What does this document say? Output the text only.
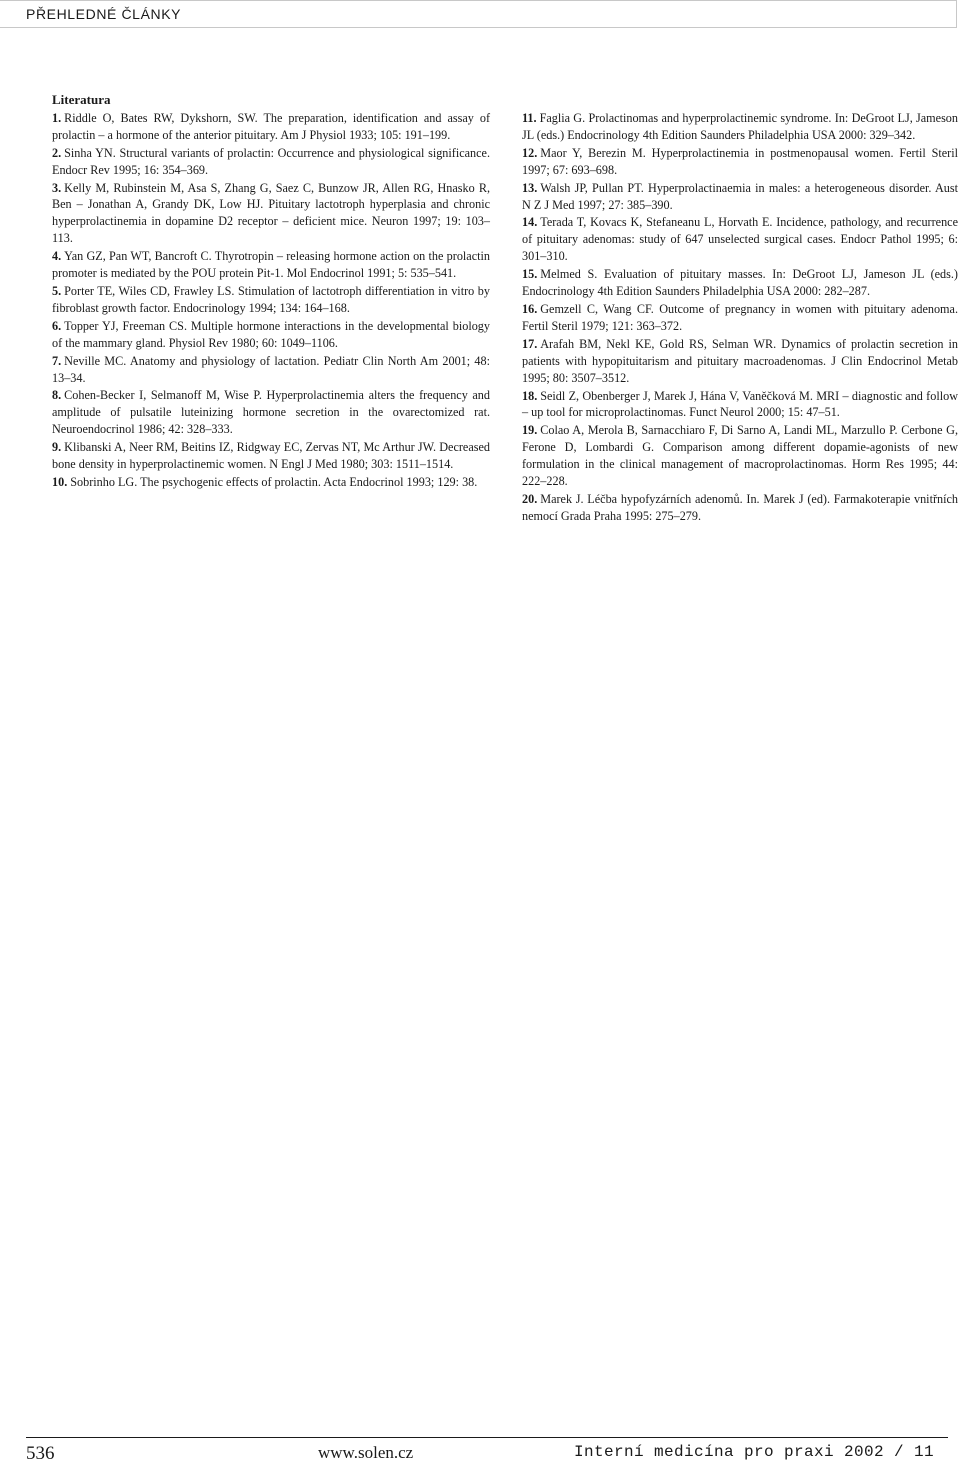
PŘEHLEDNÉ ČLÁNKY
Literatura
1. Riddle O, Bates RW, Dykshorn, SW. The preparation, identification and assay of prolactin – a hormone of the anterior pituitary. Am J Physiol 1933; 105: 191–199.
2. Sinha YN. Structural variants of prolactin: Occurrence and physiological significance. Endocr Rev 1995; 16: 354–369.
3. Kelly M, Rubinstein M, Asa S, Zhang G, Saez C, Bunzow JR, Allen RG, Hnasko R, Ben – Jonathan A, Grandy DK, Low HJ. Pituitary lactotroph hyperplasia and chronic hyperprolactinemia in dopamine D2 receptor – deficient mice. Neuron 1997; 19: 103–113.
4. Yan GZ, Pan WT, Bancroft C. Thyrotropin – releasing hormone action on the prolactin promoter is mediated by the POU protein Pit-1. Mol Endocrinol 1991; 5: 535–541.
5. Porter TE, Wiles CD, Frawley LS. Stimulation of lactotroph differentiation in vitro by fibroblast growth factor. Endocrinology 1994; 134: 164–168.
6. Topper YJ, Freeman CS. Multiple hormone interactions in the developmental biology of the mammary gland. Physiol Rev 1980; 60: 1049–1106.
7. Neville MC. Anatomy and physiology of lactation. Pediatr Clin North Am 2001; 48: 13–34.
8. Cohen-Becker I, Selmanoff M, Wise P. Hyperprolactinemia alters the frequency and amplitude of pulsatile luteinizing hormone secretion in the ovarectomized rat. Neuroendocrinol 1986; 42: 328–333.
9. Klibanski A, Neer RM, Beitins IZ, Ridgway EC, Zervas NT, Mc Arthur JW. Decreased bone density in hyperprolactinemic women. N Engl J Med 1980; 303: 1511–1514.
10. Sobrinho LG. The psychogenic effects of prolactin. Acta Endocrinol 1993; 129: 38.
11. Faglia G. Prolactinomas and hyperprolactinemic syndrome. In: DeGroot LJ, Jameson JL (eds.) Endocrinology 4th Edition Saunders Philadelphia USA 2000: 329–342.
12. Maor Y, Berezin M. Hyperprolactinemia in postmenopausal women. Fertil Steril 1997; 67: 693–698.
13. Walsh JP, Pullan PT. Hyperprolactinaemia in males: a heterogeneous disorder. Aust N Z J Med 1997; 27: 385–390.
14. Terada T, Kovacs K, Stefaneanu L, Horvath E. Incidence, pathology, and recurrence of pituitary adenomas: study of 647 unselected surgical cases. Endocr Pathol 1995; 6: 301–310.
15. Melmed S. Evaluation of pituitary masses. In: DeGroot LJ, Jameson JL (eds.) Endocrinology 4th Edition Saunders Philadelphia USA 2000: 282–287.
16. Gemzell C, Wang CF. Outcome of pregnancy in women with pituitary adenoma. Fertil Steril 1979; 121: 363–372.
17. Arafah BM, Nekl KE, Gold RS, Selman WR. Dynamics of prolactin secretion in patients with hypopituitarism and pituitary macroadenomas. J Clin Endocrinol Metab 1995; 80: 3507–3512.
18. Seidl Z, Obenberger J, Marek J, Hána V, Vaněčková M. MRI – diagnostic and follow – up tool for microprolactinomas. Funct Neurol 2000; 15: 47–51.
19. Colao A, Merola B, Sarnacchiaro F, Di Sarno A, Landi ML, Marzullo P. Cerbone G, Ferone D, Lombardi G. Comparison among different dopamie-agonists of new formulation in the clinical management of macroprolactinomas. Horm Res 1995; 44: 222–228.
20. Marek J. Léčba hypofyzárních adenomů. In. Marek J (ed). Farmakoterapie vnitřních nemocí Grada Praha 1995: 275–279.
536	www.solen.cz	Interní medicína pro praxi 2002 / 11
